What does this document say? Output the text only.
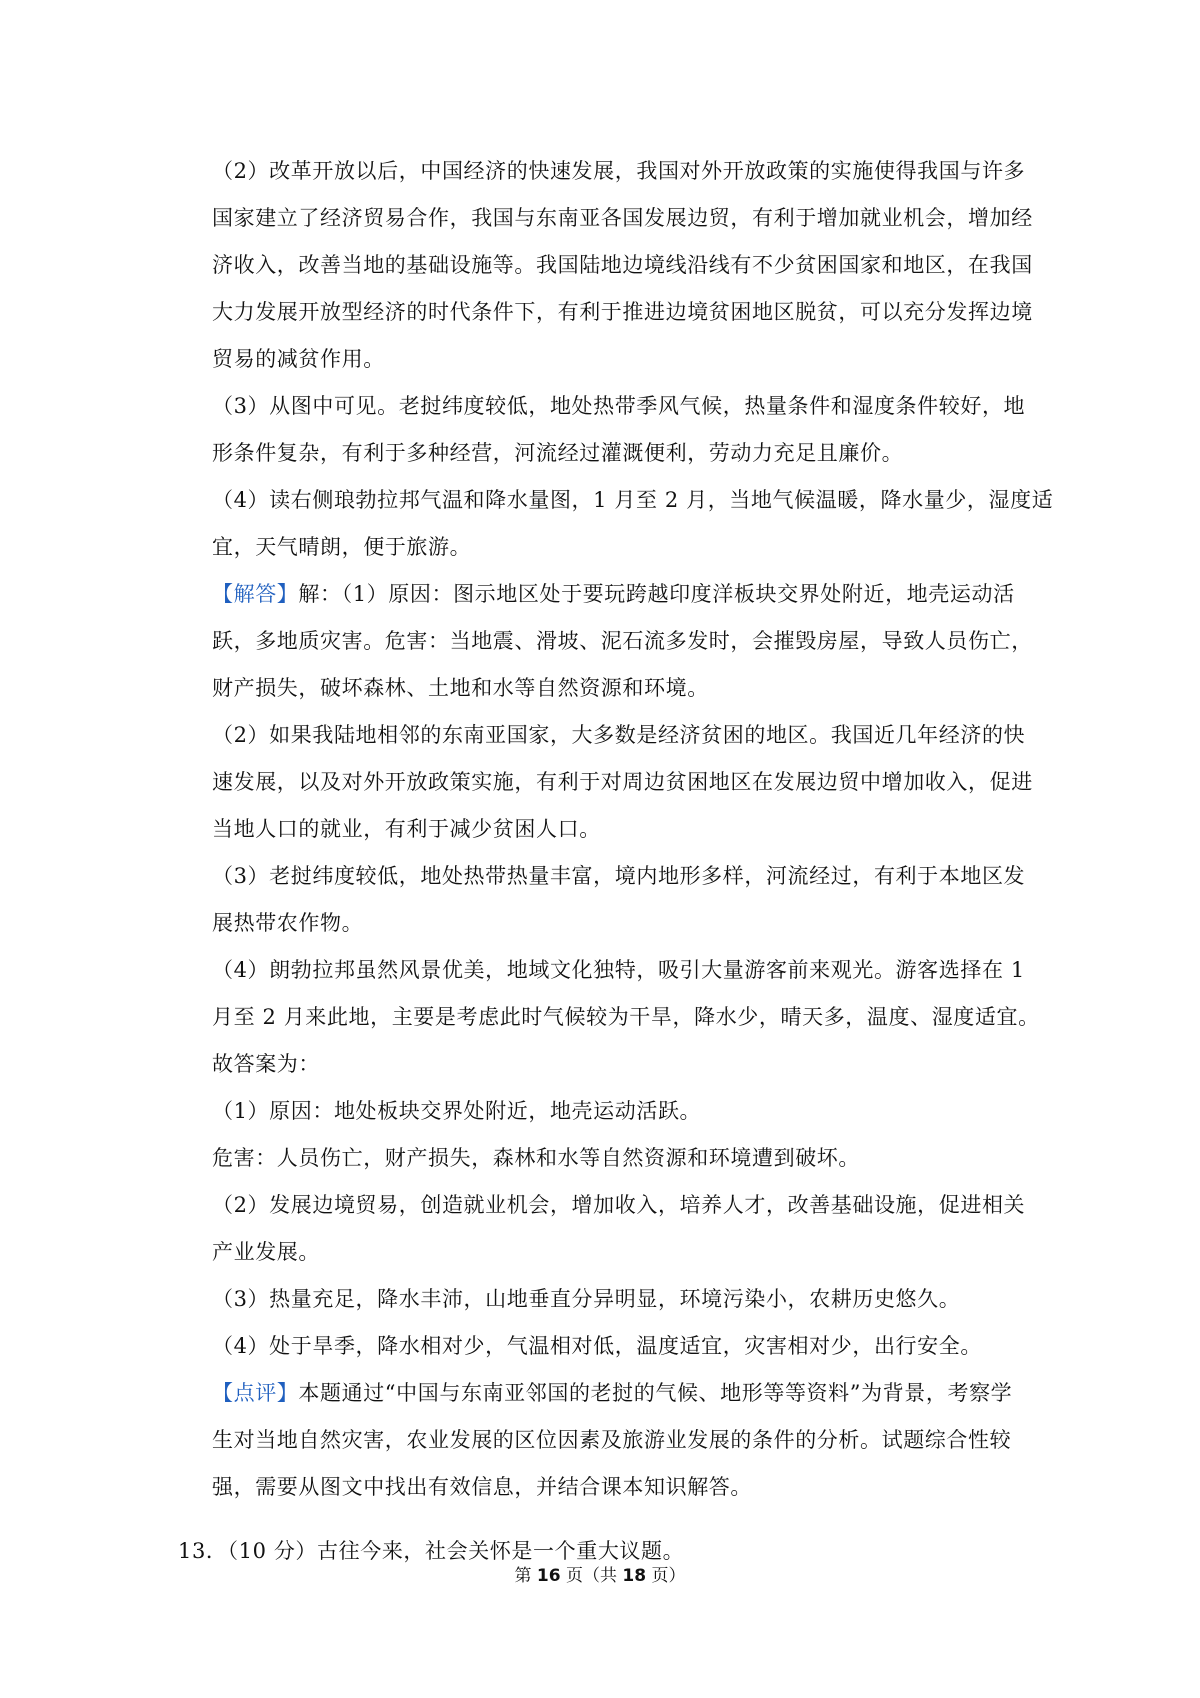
（2）改革开放以后，中国经济的快速发展，我国对外开放政策的实施使得我国与许多
国家建立了经济贸易合作，我国与东南亚各国发展边贸，有利于增加就业机会，增加经
济收入，改善当地的基础设施等。我国陆地边境线沿线有不少贫困国家和地区，在我国
大力发展开放型经济的时代条件下，有利于推进边境贫困地区脱贫，可以充分发挥边境
贸易的减贫作用。
（3）从图中可见。老挝纬度较低，地处热带季风气候，热量条件和湿度条件较好，地
形条件复杂，有利于多种经营，河流经过灌溉便利，劳动力充足且廉价。
（4）读右侧琅勃拉邦气温和降水量图，1 月至 2 月，当地气候温暖，降水量少，湿度适
宜，天气晴朗，便于旅游。
【解答】解：（1）原因：图示地区处于要玩跨越印度洋板块交界处附近，地壳运动活
跃，多地质灾害。危害：当地震、滑坡、泥石流多发时，会摧毁房屋，导致人员伤亡，
财产损失，破坏森林、土地和水等自然资源和环境。
（2）如果我陆地相邻的东南亚国家，大多数是经济贫困的地区。我国近几年经济的快
速发展，以及对外开放政策实施，有利于对周边贫困地区在发展边贸中增加收入，促进
当地人口的就业，有利于减少贫困人口。
（3）老挝纬度较低，地处热带热量丰富，境内地形多样，河流经过，有利于本地区发
展热带农作物。
（4）朗勃拉邦虽然风景优美，地域文化独特，吸引大量游客前来观光。游客选择在 1
月至 2 月来此地，主要是考虑此时气候较为干旱，降水少，晴天多，温度、湿度适宜。
故答案为：
（1）原因：地处板块交界处附近，地壳运动活跃。
危害：人员伤亡，财产损失，森林和水等自然资源和环境遭到破坏。
（2）发展边境贸易，创造就业机会，增加收入，培养人才，改善基础设施，促进相关
产业发展。
（3）热量充足，降水丰沛，山地垂直分异明显，环境污染小，农耕历史悠久。
（4）处于旱季，降水相对少，气温相对低，温度适宜，灾害相对少，出行安全。
【点评】本题通过“中国与东南亚邻国的老挝的气候、地形等等资料”为背景，考察学
生对当地自然灾害，农业发展的区位因素及旅游业发展的条件的分析。试题综合性较
强，需要从图文中找出有效信息，并结合课本知识解答。
13．（10 分）古往今来，社会关怀是一个重大议题。
第 16 页（共 18 页）
